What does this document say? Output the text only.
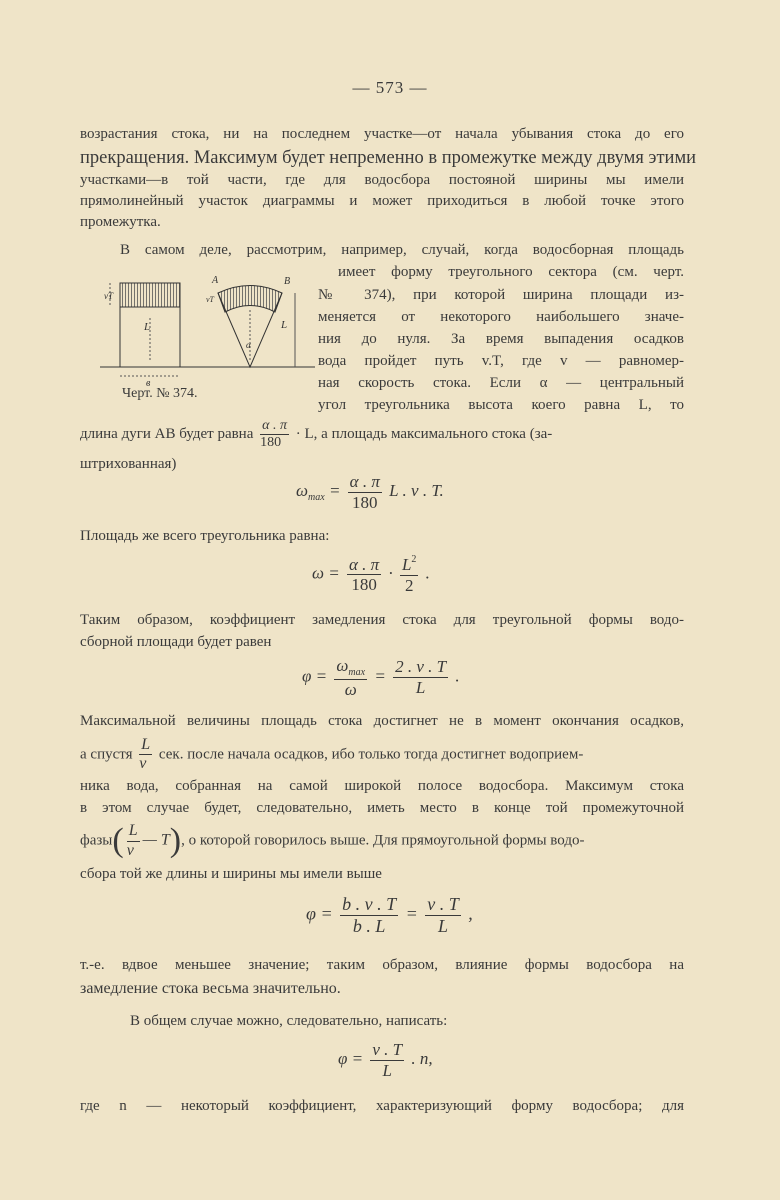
— 573 —
возрастания стока, ни на последнем участке—от начала убывания стока до его
прекращения. Максимум будет непременно в промежутке между двумя этими
участками—в той части, где для водосбора постояной ширины мы имели
прямолинейный участок диаграммы и может приходиться в любой точке этого
промежутка.
В самом деле, рассмотрим, например, случай, когда водосборная площадь
имеет форму треугольного сектора (см. черт.
№ 374), при которой ширина площади из-
меняется от некоторого наибольшего значе-
ния до нуля. За время выпадения осадков
вода пройдет путь v.T, где v — равномер-
ная скорость стока. Если α — центральный
угол треугольника высота коего равна L, то
vT
L
в
A	B
vT
L
α
Черт. № 374.
длина дуги AB будет равна $\frac{\alpha . \pi}{180} \cdot L$, а площадь максимального стока (за-
штрихованная)
$\omega_{max} = \frac{\alpha . \pi}{180}$ L . v . T.
Площадь же всего треугольника равна:
$\omega = \frac{\alpha . \pi}{180} \cdot \frac{L^2}{2}$ .
Таким образом, коэффициент замедления стока для треугольной формы водо-
сборной площади будет равен
$\varphi = \frac{\omega_{max}}{\omega} = \frac{2 . v . T}{L}$ .
Максимальной величины площадь стока достигнет не в момент окончания осадков,
а спустя $\frac{L}{v}$ сек. после начала осадков, ибо только тогда достигнет водоприем-
ника вода, собранная на самой широкой полосе водосбора. Максимум стока
в этом случае будет, следовательно, иметь место в конце той промежуточной
фазы( $\frac{L}{v}$ — T), о которой говорилось выше. Для прямоугольной формы водо-
сбора той же длины и ширины мы имели выше
$\varphi = \frac{b . v . T}{b . L} = \frac{v . T}{L}$ ,
т.-е. вдвое меньшее значение; таким образом, влияние формы водосбора на
замедление стока весьма значительно.
В общем случае можно, следовательно, написать:
$\varphi = \frac{v . T}{L}$ . n,
где n — некоторый коэффициент, характеризующий форму водосбора; для
